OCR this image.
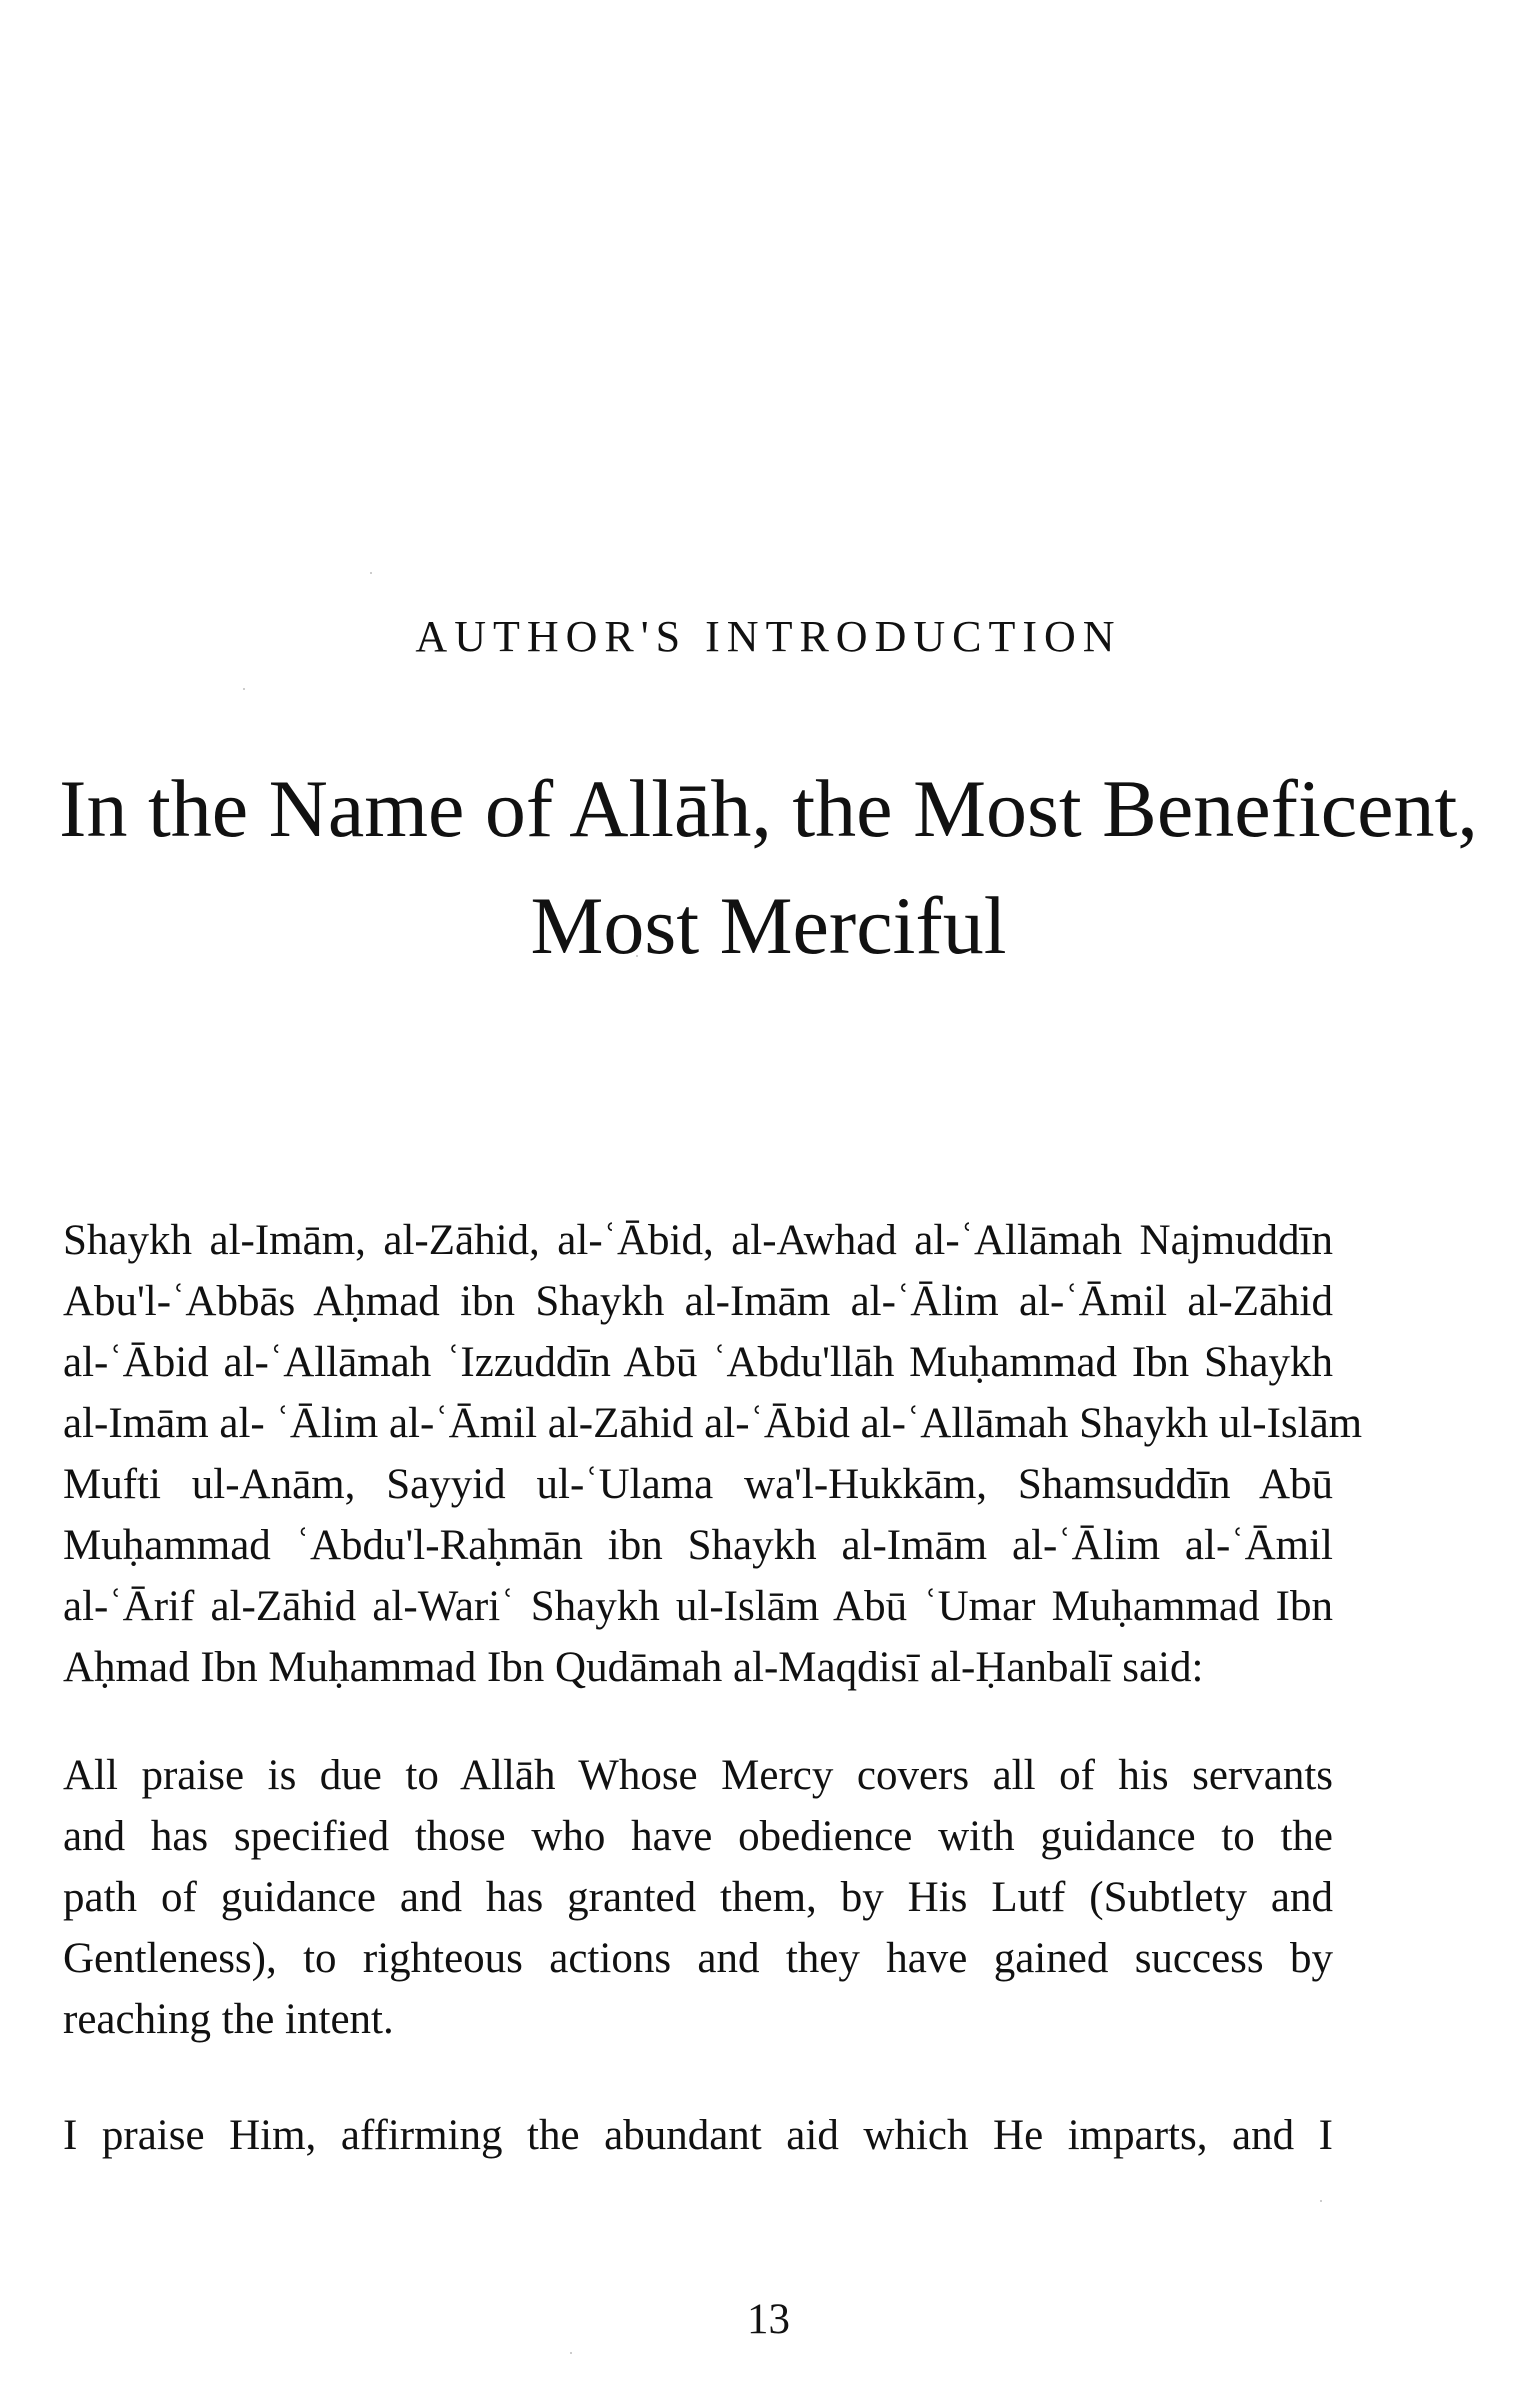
AUTHOR'S INTRODUCTION
In the Name of Allāh, the Most Beneficent,
Most Merciful
Shaykh al-Imām, al-Zāhid, al-ʿĀbid, al-Awhad al-ʿAllāmah Najmuddīn
Abu'l-ʿAbbās Aḥmad ibn Shaykh al-Imām al-ʿĀlim al-ʿĀmil al-Zāhid
al-ʿĀbid al-ʿAllāmah ʿIzzuddīn Abū ʿAbdu'llāh Muḥammad Ibn Shaykh
al-Imām al- ʿĀlim al-ʿĀmil al-Zāhid al-ʿĀbid al-ʿAllāmah Shaykh ul-Islām
Mufti ul-Anām, Sayyid ul-ʿUlama wa'l-Hukkām, Shamsuddīn Abū
Muḥammad ʿAbdu'l-Raḥmān ibn Shaykh al-Imām al-ʿĀlim al-ʿĀmil
al-ʿĀrif al-Zāhid al-Wariʿ Shaykh ul-Islām Abū ʿUmar Muḥammad Ibn
Aḥmad Ibn Muḥammad Ibn Qudāmah al-Maqdisī al-Ḥanbalī said:
All praise is due to Allāh Whose Mercy covers all of his servants
and has specified those who have obedience with guidance to the
path of guidance and has granted them, by His Lutf (Subtlety and
Gentleness), to righteous actions and they have gained success by
reaching the intent.
I praise Him, affirming the abundant aid which He imparts, and I
13
